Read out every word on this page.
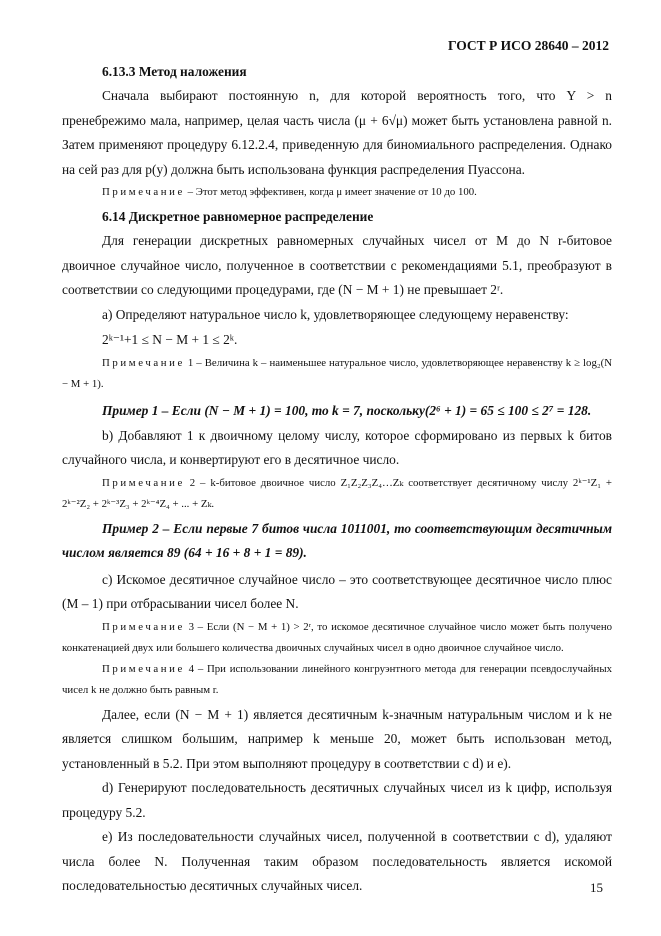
ГОСТ Р ИСО 28640 – 2012
6.13.3 Метод наложения

Сначала выбирают постоянную n, для которой вероятность того, что Y > n пренебрежимо мала, например, целая часть числа (μ + 6√μ) может быть установлена равной n. Затем применяют процедуру 6.12.2.4, приведенную для биномиального распределения. Однако на сей раз для p(y) должна быть использована функция распределения Пуассона.

Примечание – Этот метод эффективен, когда μ имеет значение от 10 до 100.
6.14 Дискретное равномерное распределение

Для генерации дискретных равномерных случайных чисел от M до N r-битовое двоичное случайное число, полученное в соответствии с рекомендациями 5.1, преобразуют в соответствии со следующими процедурами, где (N − M + 1) не превышает 2ʳ.

а) Определяют натуральное число k, удовлетворяющее следующему неравенству:

2ᵏ⁻¹+1 ≤ N − M + 1 ≤ 2ᵏ.

Примечание 1 – Величина k – наименьшее натуральное число, удовлетворяющее неравенству k ≥ log₂(N − M + 1).
Пример 1 – Если (N − M + 1) = 100, то k = 7, поскольку(2⁶ + 1) = 65 ≤ 100 ≤ 2⁷ = 128.

b) Добавляют 1 к двоичному целому числу, которое сформировано из первых k битов случайного числа, и конвертируют его в десятичное число.

Примечание 2 – k-битовое двоичное число Z₁Z₂Z₃Z₄…Zₖ соответствует десятичному числу 2ᵏ⁻¹Z₁ + 2ᵏ⁻²Z₂ + 2ᵏ⁻³Z₃ + 2ᵏ⁻⁴Z₄ + ... + Zₖ.
Пример 2 – Если первые 7 битов числа 1011001, то соответствующим десятичным числом является 89 (64 + 16 + 8 + 1 = 89).

с) Искомое десятичное случайное число – это соответствующее десятичное число плюс (M – 1) при отбрасывании чисел более N.

Примечание 3 – Если (N − M + 1) > 2ʳ, то искомое десятичное случайное число может быть получено конкатенацией двух или большего количества двоичных случайных чисел в одно двоичное случайное число.
Примечание 4 – При использовании линейного конгруэнтного метода для генерации псевдослучайных чисел k не должно быть равным r.

Далее, если (N − M + 1) является десятичным k-значным натуральным числом и k не является слишком большим, например k меньше 20, может быть использован метод, установленный в 5.2. При этом выполняют процедуру в соответствии с d) и е).

d) Генерируют последовательность десятичных случайных чисел из k цифр, используя процедуру 5.2.

е) Из последовательности случайных чисел, полученной в соответствии с d), удаляют числа более N. Полученная таким образом последовательность является искомой последовательностью десятичных случайных чисел.	15
